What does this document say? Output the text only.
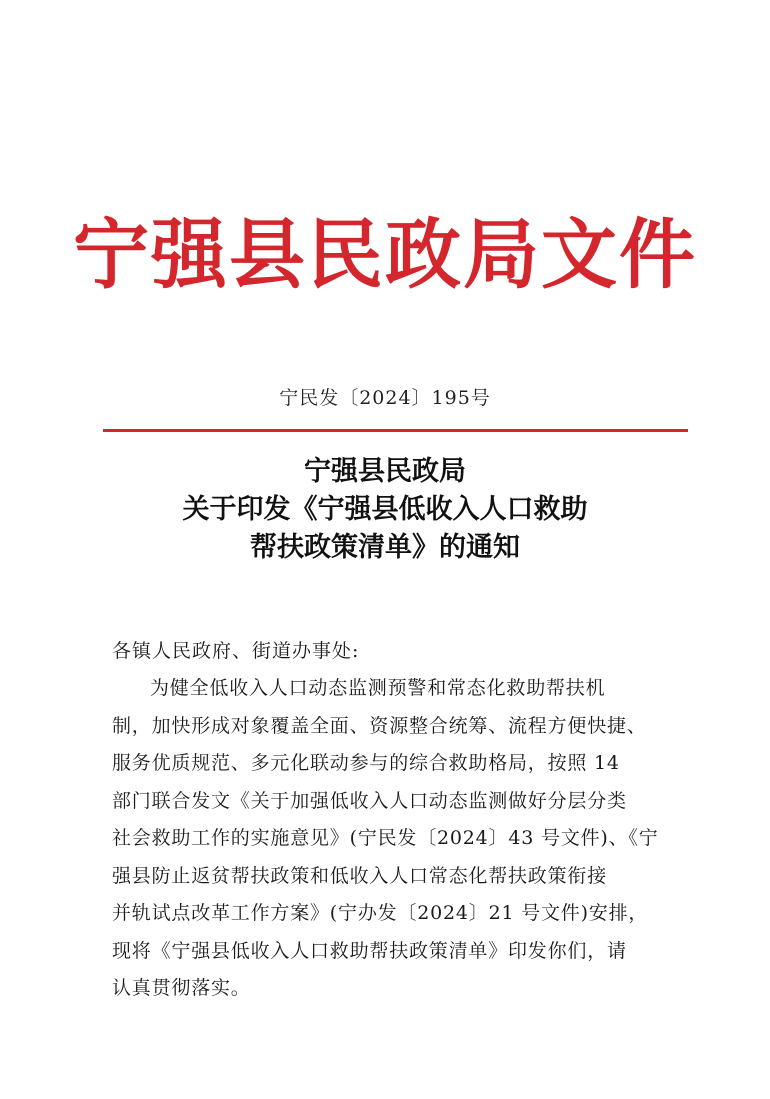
宁强县民政局文件
宁民发〔2024〕195号
宁强县民政局
关于印发《宁强县低收入人口救助
帮扶政策清单》的通知
各镇人民政府、街道办事处:
为健全低收入人口动态监测预警和常态化救助帮扶机
制，加快形成对象覆盖全面、资源整合统筹、流程方便快捷、
服务优质规范、多元化联动参与的综合救助格局，按照 14
部门联合发文《关于加强低收入人口动态监测做好分层分类
社会救助工作的实施意见》(宁民发〔2024〕43 号文件)、《宁
强县防止返贫帮扶政策和低收入人口常态化帮扶政策衔接
并轨试点改革工作方案》(宁办发〔2024〕21 号文件)安排，
现将《宁强县低收入人口救助帮扶政策清单》印发你们，请
认真贯彻落实。
